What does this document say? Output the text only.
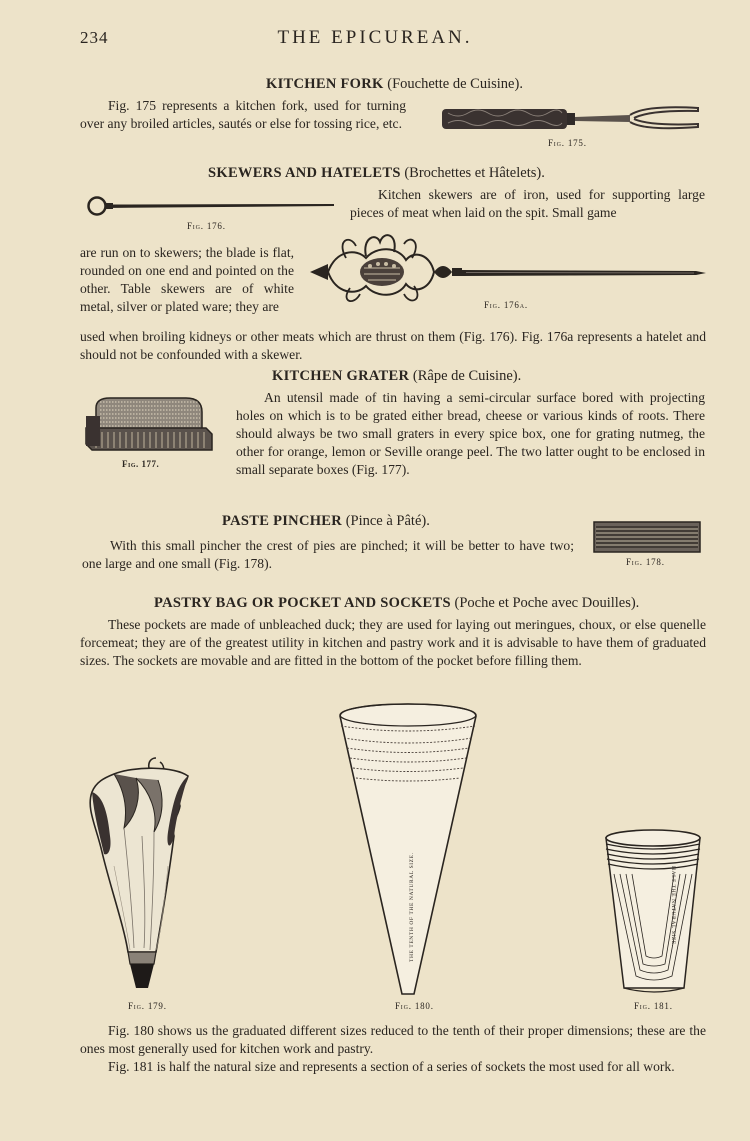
234	THE EPICUREAN.
KITCHEN FORK (Fouchette de Cuisine).
Fig. 175 represents a kitchen fork, used for turning over any broiled articles, sautés or else for tossing rice, etc.
Fig. 175.
SKEWERS AND HATELETS (Brochettes et Hâtelets).
Fig. 176.
Kitchen skewers are of iron, used for supporting large pieces of meat when laid on the spit. Small game
are run on to skewers; the blade is flat, rounded on one end and pointed on the other. Table skewers are of white metal, silver or plated ware; they are	Fig. 176a.
used when broiling kidneys or other meats which are thrust on them (Fig. 176). Fig. 176a represents a hatelet and should not be confounded with a skewer.
KITCHEN GRATER (Râpe de Cuisine).
Fig. 177.
An utensil made of tin having a semi-circular surface bored with projecting holes on which is to be grated either bread, cheese or various kinds of roots. There should always be two small graters in every spice box, one for grating nutmeg, the other for orange, lemon or Seville orange peel. The two latter ought to be enclosed in small separate boxes (Fig. 177).
PASTE PINCHER (Pince à Pâté).
With this small pincher the crest of pies are pinched; it will be better to have two; one large and one small (Fig. 178).	Fig. 178.
PASTRY BAG OR POCKET AND SOCKETS (Poche et Poche avec Douilles).
These pockets are made of unbleached duck; they are used for laying out meringues, choux, or else quenelle forcemeat; they are of the greatest utility in kitchen and pastry work and it is advisable to have them of graduated sizes. The sockets are movable and are fitted in the bottom of the pocket before filling them.
Fig. 179.
THE TENTH OF THE NATURAL SIZE.
Fig. 180.
HALF THE NATURAL SIZE.
Fig. 181.
Fig. 180 shows us the graduated different sizes reduced to the tenth of their proper dimensions; these are the ones most generally used for kitchen work and pastry.
Fig. 181 is half the natural size and represents a section of a series of sockets the most used for all work.
